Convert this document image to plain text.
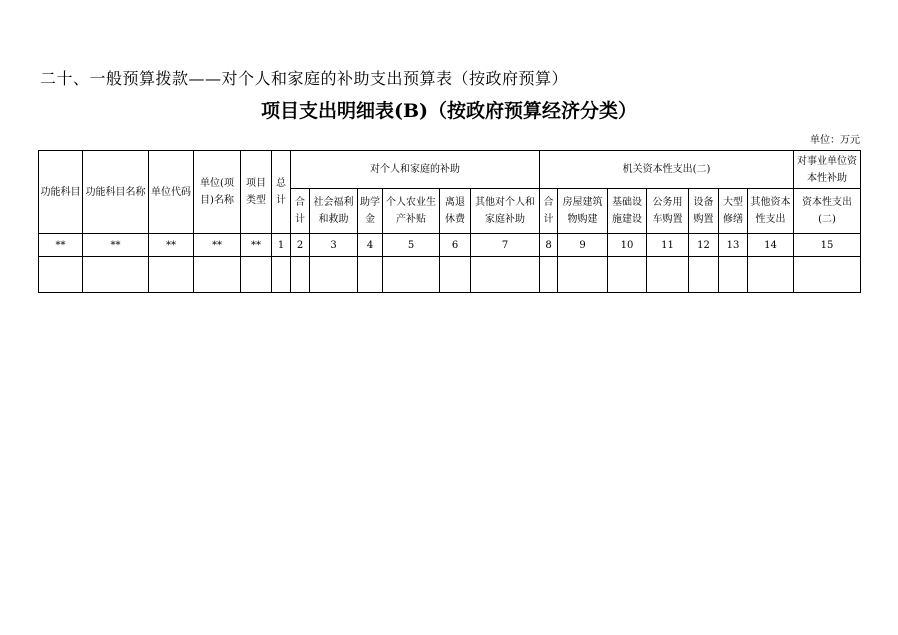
二十、一般预算拨款——对个人和家庭的补助支出预算表（按政府预算）
项目支出明细表(B)（按政府预算经济分类）
单位：万元
功能科目	功能科目名称	单位代码	单位(项目)名称	项目类型	总计	对个人和家庭的补助						机关资本性支出(二)							对事业单位资本性补助
						合计	社会福利和救助	助学金	个人农业生产补贴	离退休费	其他对个人和家庭补助	合计	房屋建筑物购建	基础设施建设	公务用车购置	设备购置	大型修缮	其他资本性支出	资本性支出(二)
**	**	**	**	**	1	2	3	4	5	6	7	8	9	10	11	12	13	14	15
